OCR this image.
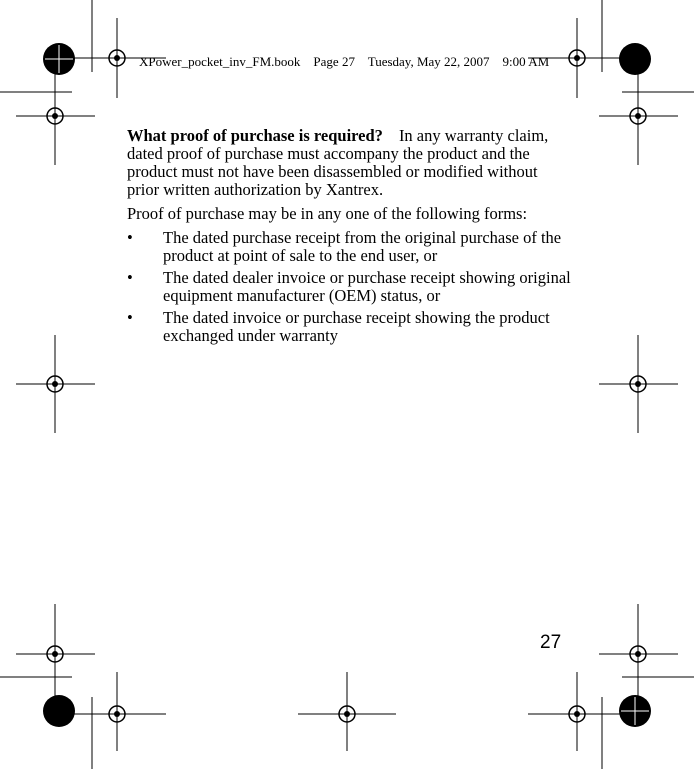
XPower_pocket_inv_FM.book Page 27 Tuesday, May 22, 2007 9:00 AM

What proof of purchase is required? In any warranty claim, dated proof of purchase must accompany the product and the product must not have been disassembled or modified without prior written authorization by Xantrex.

Proof of purchase may be in any one of the following forms:

• The dated purchase receipt from the original purchase of the product at point of sale to the end user, or
• The dated dealer invoice or purchase receipt showing original equipment manufacturer (OEM) status, or
• The dated invoice or purchase receipt showing the product exchanged under warranty
27
